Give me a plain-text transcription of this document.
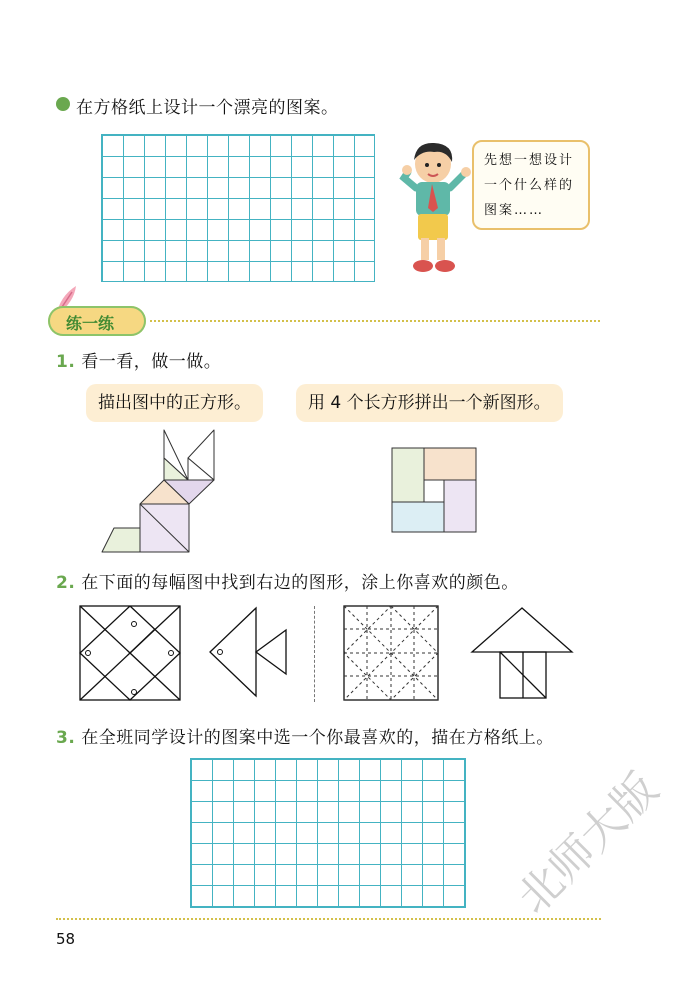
在方格纸上设计一个漂亮的图案。
先想一想设计
一个什么样的
图案……
练一练
1. 看一看，做一做。
描出图中的正方形。	用 4 个长方形拼出一个新图形。
2. 在下面的每幅图中找到右边的图形，涂上你喜欢的颜色。
3. 在全班同学设计的图案中选一个你最喜欢的，描在方格纸上。
58
北师大版
